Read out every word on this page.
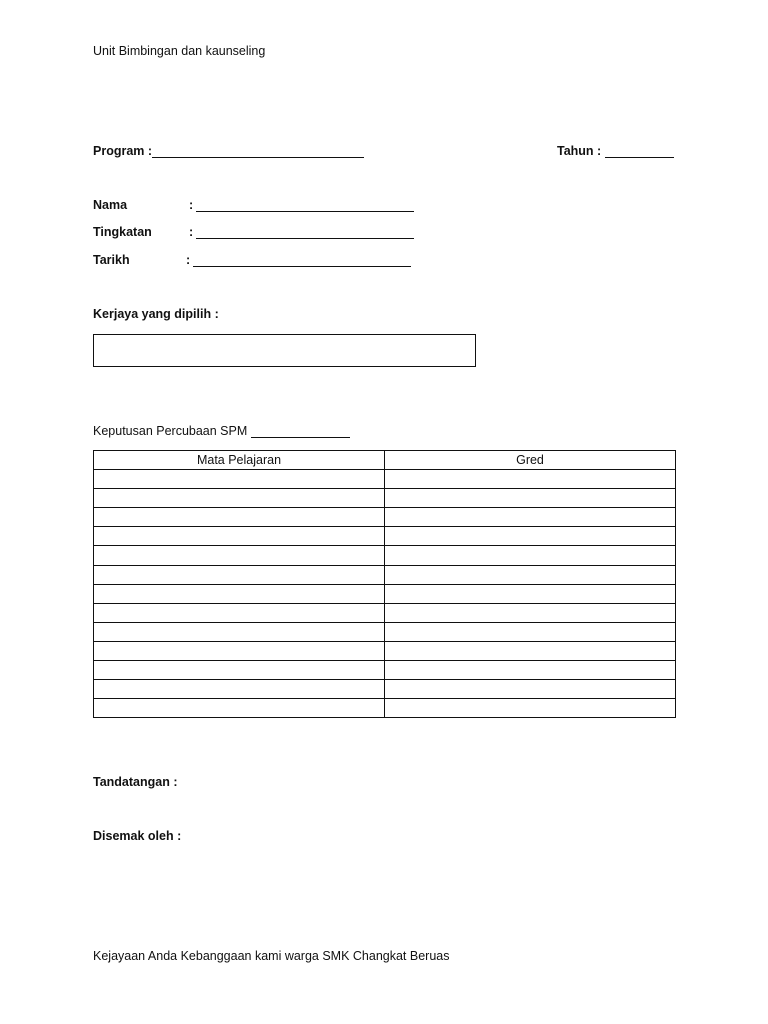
Unit Bimbingan dan kaunseling
Program :	Tahun :
Nama	:
Tingkatan	:
Tarikh	:
Kerjaya yang dipilih :
Keputusan Percubaan SPM
Mata Pelajaran	Gred

Tandatangan :
Disemak oleh :
Kejayaan Anda Kebanggaan kami warga SMK Changkat Beruas
